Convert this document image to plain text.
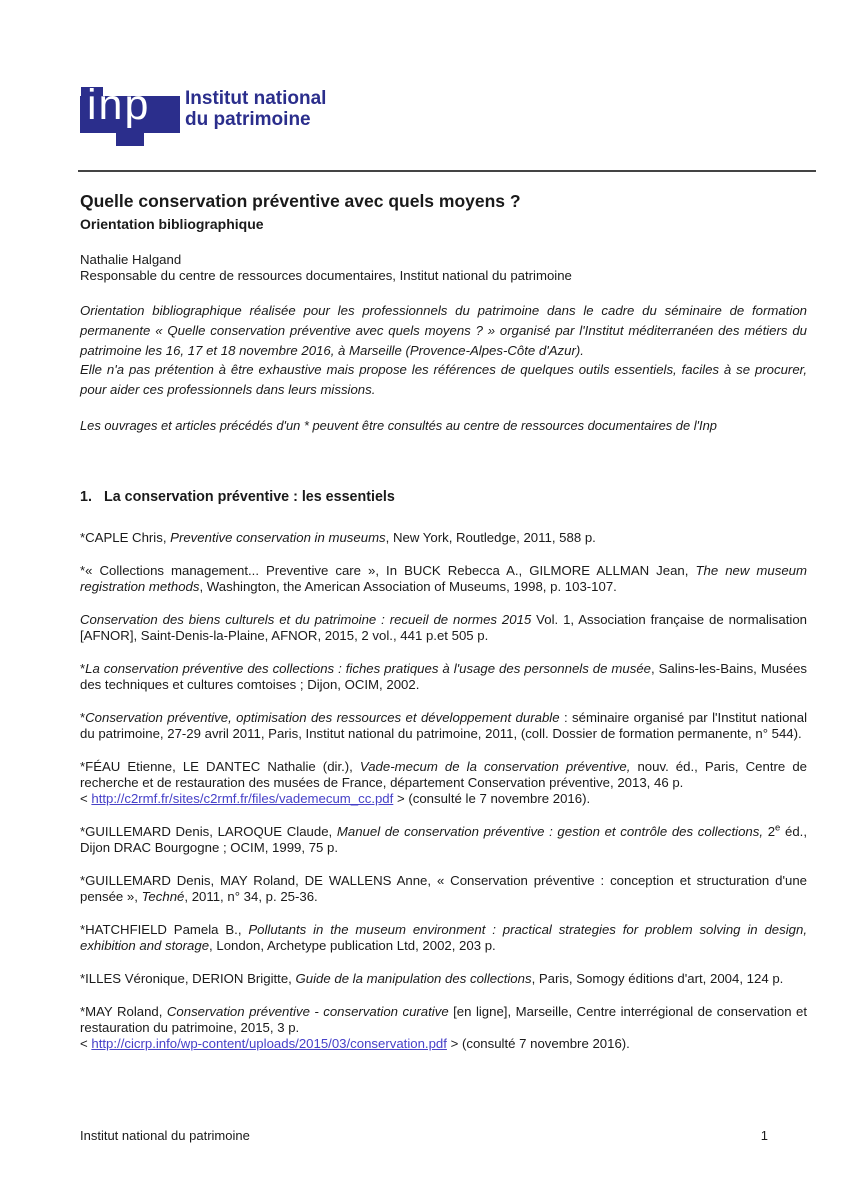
inp Institut national
du patrimoine
Quelle conservation préventive avec quels moyens ?
Orientation bibliographique
Nathalie Halgand
Responsable du centre de ressources documentaires, Institut national du patrimoine

Orientation bibliographique réalisée pour les professionnels du patrimoine dans le cadre du séminaire de formation permanente « Quelle conservation préventive avec quels moyens ? » organisé par l'Institut méditerranéen des métiers du patrimoine les 16, 17 et 18 novembre 2016, à Marseille (Provence-Alpes-Côte d'Azur).

Elle n'a pas prétention à être exhaustive mais propose les références de quelques outils essentiels, faciles à se procurer, pour aider ces professionnels dans leurs missions.

Les ouvrages et articles précédés d'un * peuvent être consultés au centre de ressources documentaires de l'Inp
1. La conservation préventive : les essentiels

*CAPLE Chris, Preventive conservation in museums, New York, Routledge, 2011, 588 p.

*« Collections management... Preventive care », In BUCK Rebecca A., GILMORE ALLMAN Jean, The new museum registration methods, Washington, the American Association of Museums, 1998, p. 103-107.

Conservation des biens culturels et du patrimoine : recueil de normes 2015 Vol. 1, Association française de normalisation [AFNOR], Saint-Denis-la-Plaine, AFNOR, 2015, 2 vol., 441 p.et 505 p.

*La conservation préventive des collections : fiches pratiques à l'usage des personnels de musée, Salins-les-Bains, Musées des techniques et cultures comtoises ; Dijon, OCIM, 2002.

*Conservation préventive, optimisation des ressources et développement durable : séminaire organisé par l'Institut national du patrimoine, 27-29 avril 2011, Paris, Institut national du patrimoine, 2011, (coll. Dossier de formation permanente, n° 544).

*FÉAU Etienne, LE DANTEC Nathalie (dir.), Vade-mecum de la conservation préventive, nouv. éd., Paris, Centre de recherche et de restauration des musées de France, département Conservation préventive, 2013, 46 p.
< http://c2rmf.fr/sites/c2rmf.fr/files/vademecum_cc.pdf > (consulté le 7 novembre 2016).

*GUILLEMARD Denis, LAROQUE Claude, Manuel de conservation préventive : gestion et contrôle des collections, 2e éd., Dijon DRAC Bourgogne ; OCIM, 1999, 75 p.

*GUILLEMARD Denis, MAY Roland, DE WALLENS Anne, « Conservation préventive : conception et structuration d'une pensée », Techné, 2011, n° 34, p. 25-36.

*HATCHFIELD Pamela B., Pollutants in the museum environment : practical strategies for problem solving in design, exhibition and storage, London, Archetype publication Ltd, 2002, 203 p.

*ILLES Véronique, DERION Brigitte, Guide de la manipulation des collections, Paris, Somogy éditions d'art, 2004, 124 p.

*MAY Roland, Conservation préventive - conservation curative [en ligne], Marseille, Centre interrégional de conservation et restauration du patrimoine, 2015, 3 p.
< http://cicrp.info/wp-content/uploads/2015/03/conservation.pdf > (consulté 7 novembre 2016).

Institut national du patrimoine	1
